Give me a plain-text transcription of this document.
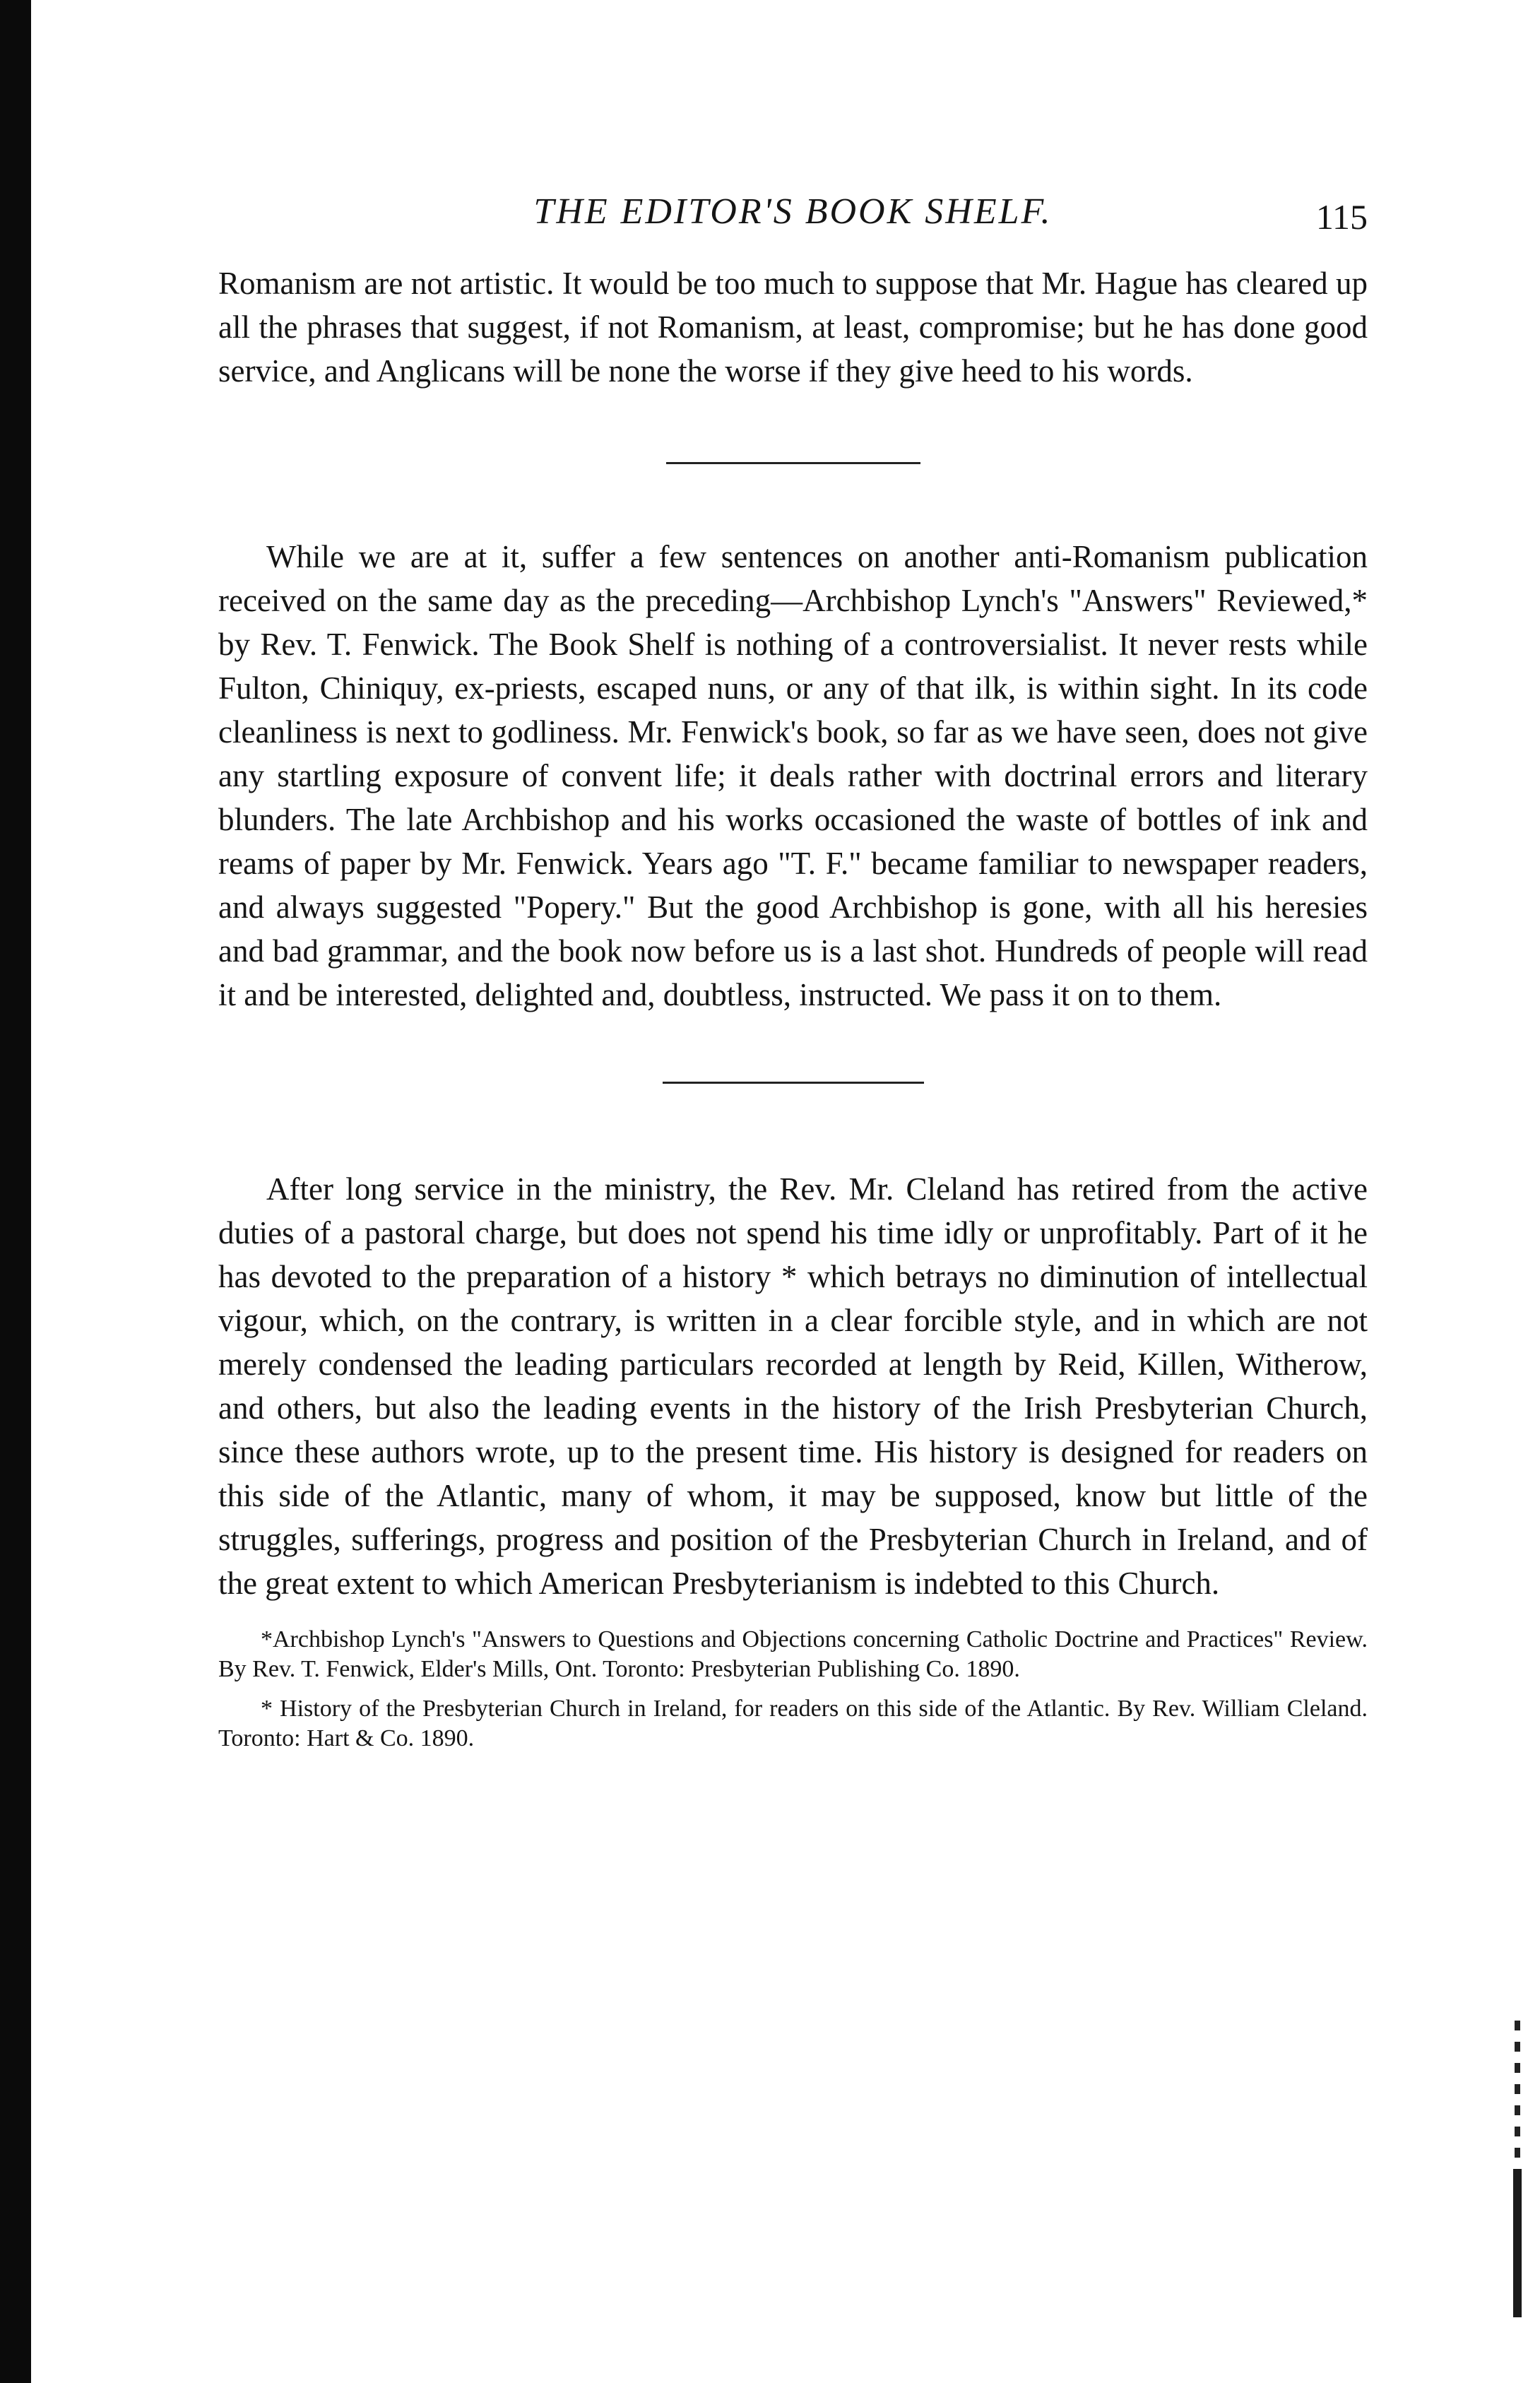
THE EDITOR'S BOOK SHELF.	115

Romanism are not artistic. It would be too much to suppose that Mr. Hague has cleared up all the phrases that suggest, if not Romanism, at least, compromise; but he has done good service, and Anglicans will be none the worse if they give heed to his words.

While we are at it, suffer a few sentences on another anti-Romanism publication received on the same day as the preceding—Archbishop Lynch's "Answers" Reviewed,* by Rev. T. Fenwick. The Book Shelf is nothing of a controversialist. It never rests while Fulton, Chiniquy, ex-priests, escaped nuns, or any of that ilk, is within sight. In its code cleanliness is next to godliness. Mr. Fenwick's book, so far as we have seen, does not give any startling exposure of convent life; it deals rather with doctrinal errors and literary blunders. The late Archbishop and his works occasioned the waste of bottles of ink and reams of paper by Mr. Fenwick. Years ago "T. F." became familiar to newspaper readers, and always suggested "Popery." But the good Archbishop is gone, with all his heresies and bad grammar, and the book now before us is a last shot. Hundreds of people will read it and be interested, delighted and, doubtless, instructed. We pass it on to them.

After long service in the ministry, the Rev. Mr. Cleland has retired from the active duties of a pastoral charge, but does not spend his time idly or unprofitably. Part of it he has devoted to the preparation of a history * which betrays no diminution of intellectual vigour, which, on the contrary, is written in a clear forcible style, and in which are not merely condensed the leading particulars recorded at length by Reid, Killen, Witherow, and others, but also the leading events in the history of the Irish Presbyterian Church, since these authors wrote, up to the present time. His history is designed for readers on this side of the Atlantic, many of whom, it may be supposed, know but little of the struggles, sufferings, progress and position of the Presbyterian Church in Ireland, and of the great extent to which American Presbyterianism is indebted to this Church.

*Archbishop Lynch's "Answers to Questions and Objections concerning Catholic Doctrine and Practices" Review. By Rev. T. Fenwick, Elder's Mills, Ont. Toronto: Presbyterian Publishing Co. 1890.

* History of the Presbyterian Church in Ireland, for readers on this side of the Atlantic. By Rev. William Cleland. Toronto: Hart & Co. 1890.
